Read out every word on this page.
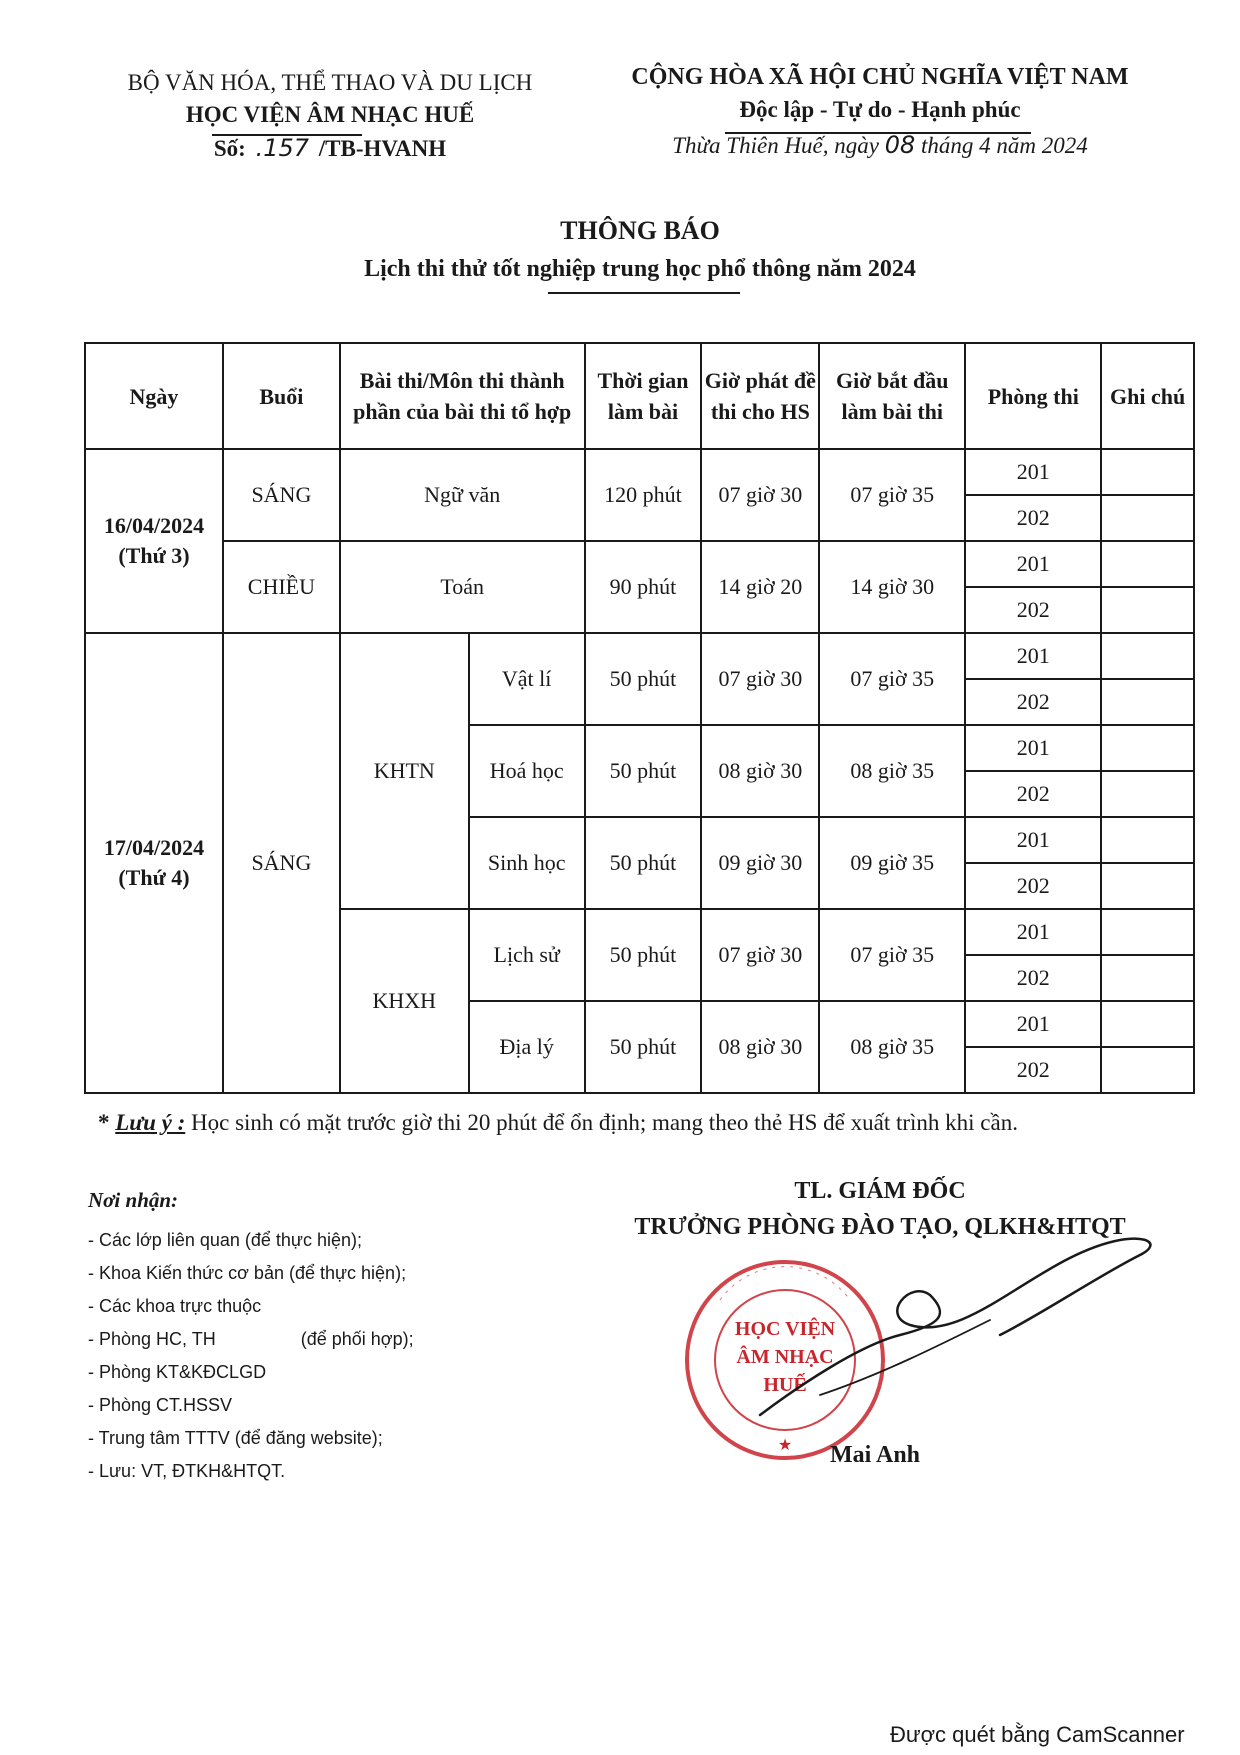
BỘ VĂN HÓA, THỂ THAO VÀ DU LỊCH
HỌC VIỆN ÂM NHẠC HUẾ
Số: .157 /TB-HVANH
CỘNG HÒA XÃ HỘI CHỦ NGHĨA VIỆT NAM
Độc lập - Tự do - Hạnh phúc
Thừa Thiên Huế, ngày 08 tháng 4 năm 2024
THÔNG BÁO
Lịch thi thử tốt nghiệp trung học phổ thông năm 2024
Ngày	Buổi	Bài thi/Môn thi thành phần của bài thi tổ hợp		Thời gian làm bài	Giờ phát đề thi cho HS	Giờ bắt đầu làm bài thi	Phòng thi	Ghi chú

16/04/2024
(Thứ 3)	SÁNG	Ngữ văn		120 phút	07 giờ 30	07 giờ 35	201	
							202	
	CHIỀU	Toán		90 phút	14 giờ 20	14 giờ 30	201	
							202	

17/04/2024
(Thứ 4)	SÁNG	KHTN	Vật lí	50 phút	07 giờ 30	07 giờ 35	201	
							202	
			Hoá học	50 phút	08 giờ 30	08 giờ 35	201	
							202	
			Sinh học	50 phút	09 giờ 30	09 giờ 35	201	
							202	
		KHXH	Lịch sử	50 phút	07 giờ 30	07 giờ 35	201	
							202	
			Địa lý	50 phút	08 giờ 30	08 giờ 35	201	
							202	
* Lưu ý : Học sinh có mặt trước giờ thi 20 phút để ổn định; mang theo thẻ HS để xuất trình khi cần.
Nơi nhận:
- Các lớp liên quan (để thực hiện);
- Khoa Kiến thức cơ bản (để thực hiện);
- Các khoa trực thuộc
- Phòng HC, TH                 (để phối hợp);
- Phòng KT&KĐCLGD
- Phòng CT.HSSV
- Trung tâm TTTV (để đăng website);
- Lưu: VT, ĐTKH&HTQT.
TL. GIÁM ĐỐC
TRƯỞNG PHÒNG ĐÀO TẠO, QLKH&HTQT
HỌC VIỆN
ÂM NHẠC
HUẾ
★ Mai Anh
Được quét bằng CamScanner
